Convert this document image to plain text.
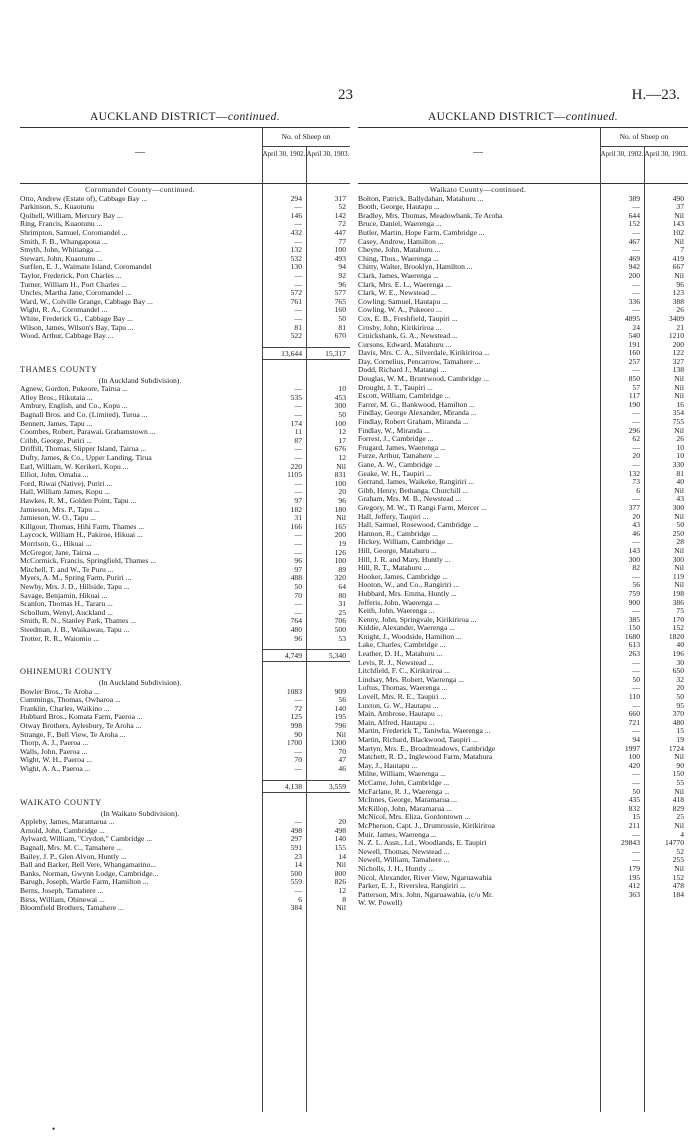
23	H.—23.
AUCKLAND DISTRICT—continued.
—
No. of Sheep on
April 30, 1902. April 30, 1903.
Coromandel County—continued.
Otto, Andrew (Estate of), Cabbage Bay ...	294	317
Parkinson, S., Kuaotunu	—	52
Quibell, William, Mercury Bay ...	146	142
Ring, Francis, Kuaotunu ...	—	72
Shrimpton, Samuel, Coromandel ...	432	447
Smith, F. B., Whangapoua ...	—	77
Smyth, John, Whitianga ...	132	100
Stewart, John, Kuaotunu ...	532	493
Surflen, E. J., Waimate Island, Coromandel	130	94
Taylor, Frederick, Port Charles ...	—	92
Turner, William H., Port Charles ...	—	96
Uncles, Martha Jane, Coromandel ...	572	577
Ward, W., Colville Grange, Cabbage Bay ...	761	765
Wight, R. A., Coromandel ...	—	160
White, Frederick G., Cabbage Bay ...	—	50
Wilson, James, Wilson's Bay, Tapu ...	81	81
Wood, Arthur, Cabbage Bay ...	522	670
13,644	15,317
THAMES COUNTY
(In Auckland Subdivision).
Agnew, Gordon, Pukeore, Tairua ...	—	10
Alley Bros., Hikutaia ...	535	453
Ambury, English, and Co., Kopu ...	—	300
Bagnall Bros. and Co. (Limited), Turua ...	—	50
Bennett, James, Tapu ...	174	100
Coombes, Robert, Parawai, Grahamstown ...	11	12
Cribb, George, Puriri ...	87	17
Driffill, Thomas, Slipper Island, Tairua ...	—	676
Dufty, James, & Co., Upper Landing, Tirua	—	12
Earl, William, W. Kerikeri, Kopu ...	220	Nil
Elliot, John, Omaha ...	1105	831
Ford, Riwai (Native), Puriri ...	—	100
Hall, William James, Kopu ...	—	20
Hawkes, R. M., Golden Point, Tapu ...	97	96
Jamieson, Mrs. P., Tapu ...	182	180
Jamieson, W. O., Tapu ...	31	Nil
Killgour, Thomas, Hihi Farm, Thames ...	166	165
Laycock, William H., Pakiroe, Hikuai ...	—	200
Morrison, G., Hikuai ...	—	19
McGregor, Jane, Tairua ...	—	126
McCormick, Francis, Springfield, Thames ...	96	100
Mitchell, T. and W., Te Puru ...	97	89
Myers, A. M., Spring Farm, Puriri ...	488	320
Newby, Mrs. J. D., Hillside, Tapu ...	50	64
Savage, Benjamin, Hikuai ...	70	80
Scanlon, Thomas H., Tararu ...	—	31
Schollum, Wenyl, Auckland ...	—	25
Smith, R. N., Stanley Park, Thames ...	764	706
Steedman, J. B., Waikawau, Tapu ...	480	500
Trotter, R. R., Waiomio ...	96	53
4,749	5,340
OHINEMURI COUNTY
(In Auckland Subdivision).
Bowler Bros., Te Aroha ...	1083	909
Cummings, Thomas, Owharoa ...	—	56
Franklin, Charles, Waikino ...	72	140
Hubbard Bros., Komata Farm, Paeroa ...	125	195
Otway Brothers, Aylesbury, Te Aroha ...	998	796
Strange, F., Bell View, Te Aroha ...	90	Nil
Thorp, A. J., Paeroa ...	1700	1300
Walls, John, Paeroa ...	—	70
Wight, W. H., Paeroa ...	70	47
Wight, A. A., Paeroa ...	—	46
4,138	3,559
WAIKATO COUNTY
(In Waikato Subdivision).
Appleby, James, Maramarua ...	—	20
Arnold, John, Cambridge ...	498	498
Aylward, William, "Crydon," Cambridge ...	297	140
Bagnall, Mrs. M. C., Tamahere ...	591	155
Bailey, J. P., Glen Alvon, Huntly ...	23	14
Ball and Barker, Bell Vere, Whangamarino...	14	Nil
Banks, Norman, Gwynn Lodge, Cambridge...	500	800
Barugh, Joseph, Wartle Farm, Hamilton ...	559	826
Berns, Joseph, Tamahere ...	—	12
Birss, William, Ohinewai ...	6	8
Bloomfield Brothers, Tamahere ...	384	Nil
AUCKLAND DISTRICT—continued.
—
No. of Sheep on
April 30, 1902. April 30, 1903.
Waikato County—continued.
Bolton, Patrick, Ballydahan, Matahuru ...	389	490
Booth, George, Hautapu ...	—	37
Bradley, Mrs. Thomas, Meadowbank, Te Aroha	644	Nil
Bruce, Daniel, Waerenga ...	152	143
Butler, Martin, Hope Farm, Cambridge ...	—	102
Casey, Andrew, Hamilton ...	467	Nil
Cheyne, John, Matahuru ...	—	7
Ching, Thos., Waerenga ...	469	419
Chitty, Walter, Brooklyn, Hamilton ...	942	667
Clark, James, Waerenga ...	200	Nil
Clark, Mrs. E. L., Waerenga ...	—	96
Clark, W. E., Newstead ...	—	123
Cowling, Samuel, Hautapu ...	336	388
Cowling, W. A., Pukeoro ...	—	26
Cox, E. B., Freshfield, Taupiri ...	4895	3409
Crosby, John, Kirikiriroa ...	24	21
Cruickshank, G. A., Newstead ...	540	1210
Cursons, Edward, Matahuru ...	191	200
Davis, Mrs. C. A., Silverdale, Kirikiriroa ...	160	122
Day, Cornelius, Pencarrow, Tamahere ...	257	327
Dodd, Richard J., Matangi ...	—	138
Douglas, W. M., Bruntwood, Cambridge ...	850	Nil
Drought, J. T., Taupiri ...	57	Nil
Escott, William, Cambridge ...	117	Nil
Farrer, M. G., Bankwood, Hamilton ...	190	16
Findlay, George Alexander, Miranda ...	—	354
Findlay, Robert Graham, Miranda ...	—	755
Findlay, W., Miranda ...	296	Nil
Forrest, J., Cambridge ...	62	26
Frugard, James, Waerenga ...	—	10
Furze, Arthur, Tamahere ...	20	10
Gane, A. W., Cambridge ...	—	330
Geake, W. H., Taupiri ...	132	81
Gerrand, James, Waikeke, Rangiriri ...	73	40
Gibb, Henry, Bethanga, Churchill ...	6	Nil
Graham, Mrs. M. B., Newstead ...	—	43
Gregory, M. W., Ti Rangi Farm, Mercer ...	377	300
Hall, Jeffery, Taupiri ...	20	Nil
Hall, Samuel, Rosewood, Cambridge ...	43	50
Hannon, R., Cambridge ...	46	250
Hickey, William, Cambridge ...	—	28
Hill, George, Matahuru ...	143	Nil
Hill, J. R. and Mary, Huntly ...	300	300
Hill, R. T., Matahuru ...	82	Nil
Hooker, James, Cambridge ...	—	119
Hooton, W., and Co., Rangiriri ...	56	Nil
Hubbard, Mrs. Emma, Huntly ...	759	198
Jefferis, John, Waerenga ...	900	386
Keith, John, Waerenga ...	—	75
Kenny, John, Springvale, Kirikiriroa ...	385	170
Kiddie, Alexander, Waerenga ...	150	152
Knight, J., Woodside, Hamilton ...	1680	1820
Lake, Charles, Cambridge ...	613	40
Leather, D. H., Matahuru ...	263	196
Levis, R. J., Newstead ...	—	30
Litchfield, F. C., Kirikiriroa ...	—	650
Lindsay, Mrs. Robert, Waerenga ...	50	32
Loftus, Thomas, Waerenga ...	—	20
Lovell, Mrs. R. E., Taupiri ...	110	50
Luxton, G. W., Hautapu ...	—	95
Main, Ambrose, Hautapu ...	660	370
Main, Alfred, Hautapu ...	721	480
Martin, Frederick T., Taniwha, Waerenga ...	—	15
Martin, Richard, Blackwood, Taupiri ...	94	19
Martyn, Mrs. E., Broadmeadows, Cambridge	1997	1724
Matchett, R. D., Inglewood Farm, Matahura	100	Nil
May, J., Hautapu ...	420	90
Milne, William, Waerenga ...	—	150
McCame, John, Cambridge ...	—	55
McFarlane, R. J., Waerenga ...	50	Nil
McInnes, George, Maramarua ...	435	418
McKillop, John, Maramarua ...	832	829
McNicol, Mrs. Eliza, Gordontown ...	15	25
McPherson, Capt. J., Drumrossie, Kirikiriroa	211	Nil
Muir, James, Waerenga ...	—	4
N. Z. L. Assn., Ld., Woodlands, E. Taupiri	29843	14770
Newell, Thomas, Newstead ...	—	52
Newell, William, Tamahere ...	—	255
Nicholls, J. H., Huntly ...	179	Nil
Nicol, Alexander, River View, Ngaruawahia	195	152
Parker, E. J., Riverslea, Rangiriri ...	412	478
Patterson, Mrs. John, Ngaruawahia, (c/o Mr.	363	184
W. W. Powell)
•
